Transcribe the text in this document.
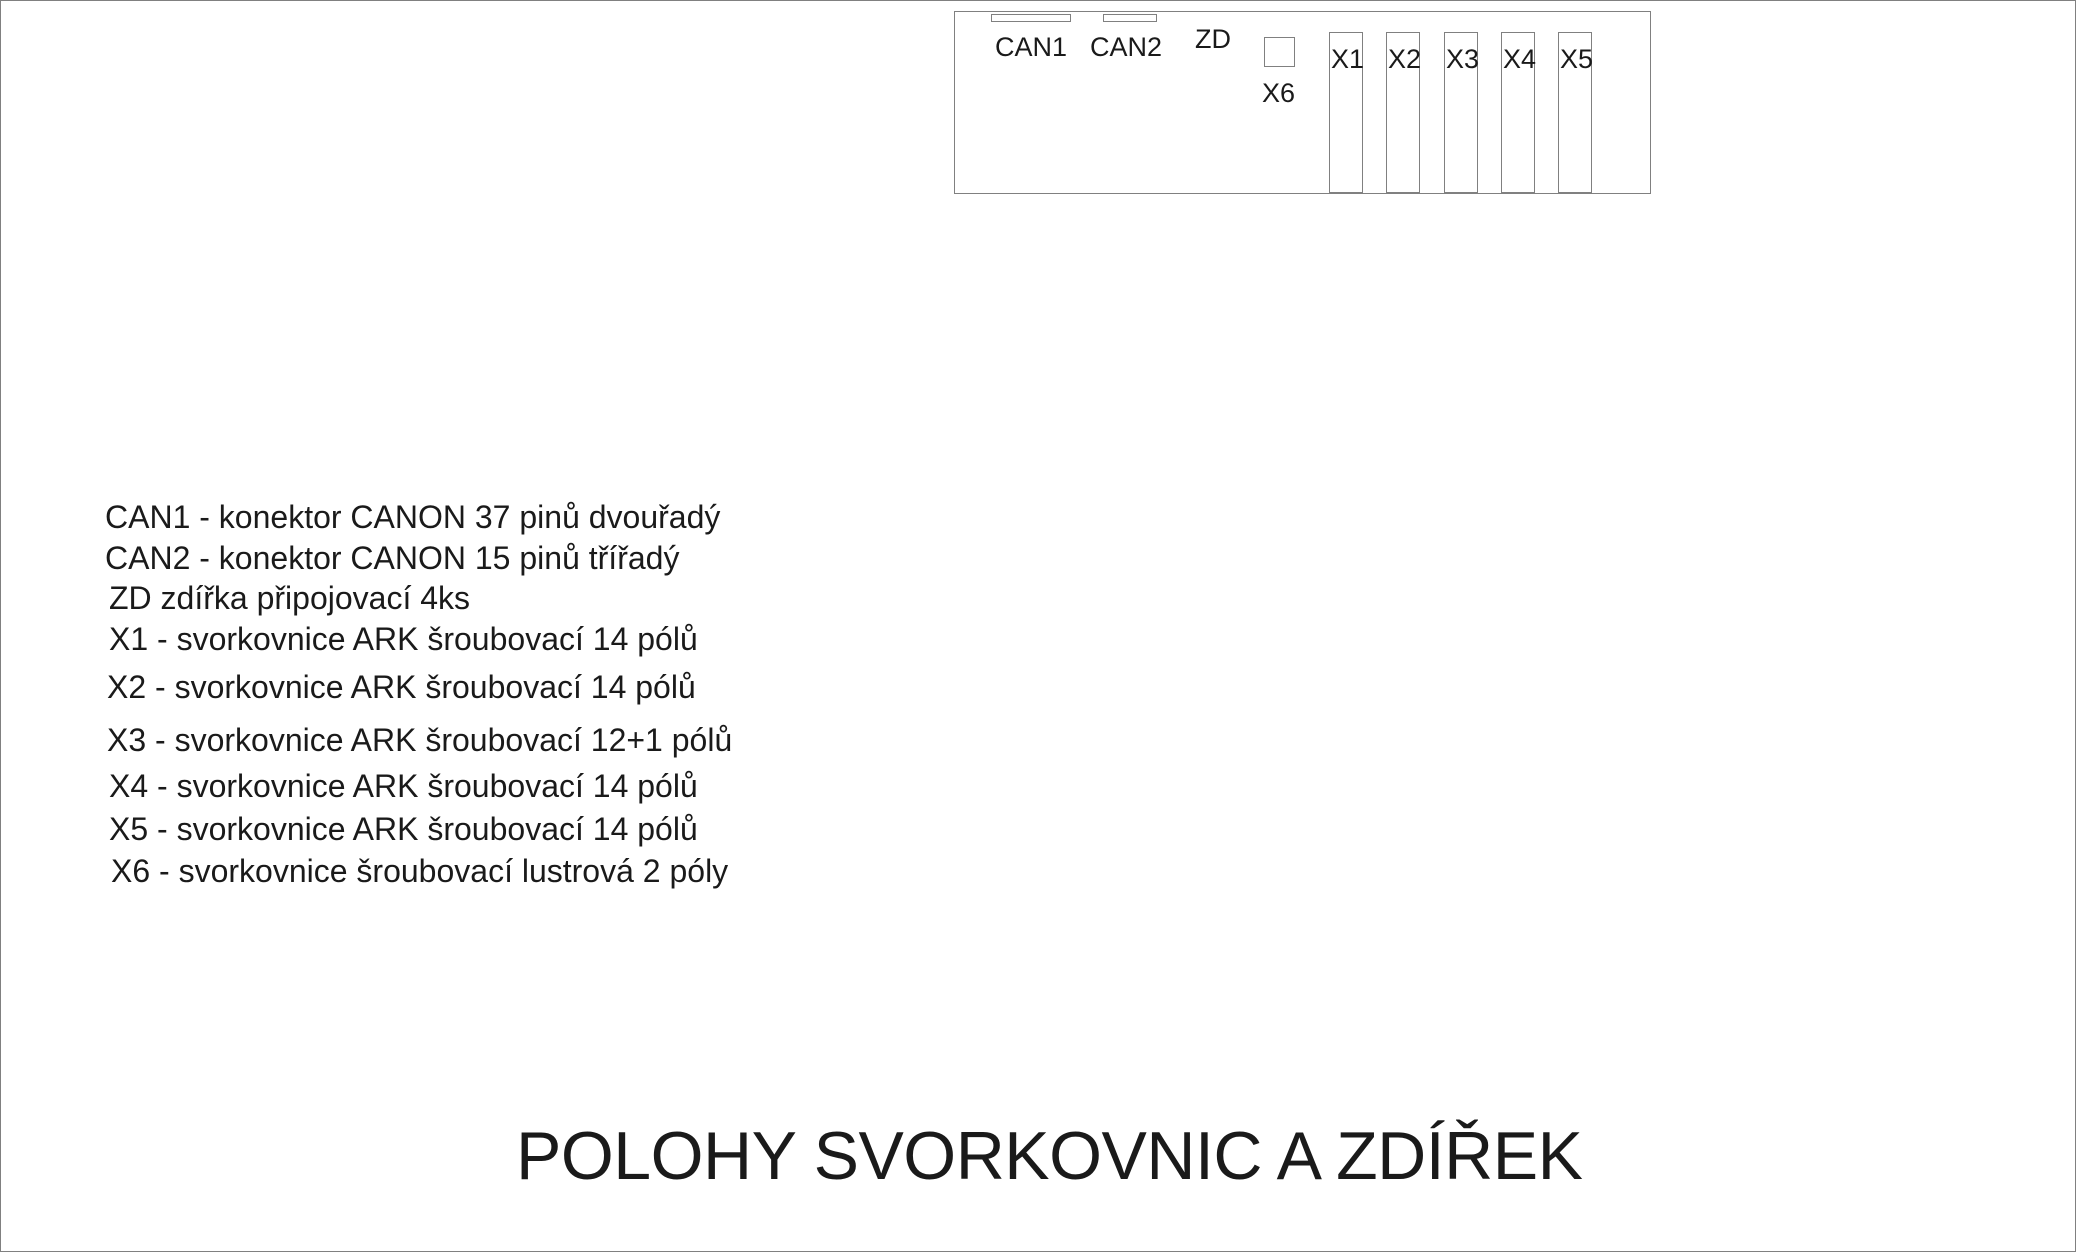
CAN1 CAN2 ZD
X6
X1 X2 X3 X4 X5
CAN1 - konektor CANON 37 pinů dvouřadý
CAN2 - konektor CANON 15 pinů třířadý
ZD zdířka připojovací 4ks
X1 - svorkovnice ARK šroubovací 14 pólů
X2 - svorkovnice ARK šroubovací 14 pólů
X3 - svorkovnice ARK šroubovací 12+1 pólů
X4 - svorkovnice ARK šroubovací 14 pólů
X5 - svorkovnice ARK šroubovací 14 pólů
X6 - svorkovnice šroubovací lustrová 2 póly
POLOHY SVORKOVNIC A ZDÍŘEK
